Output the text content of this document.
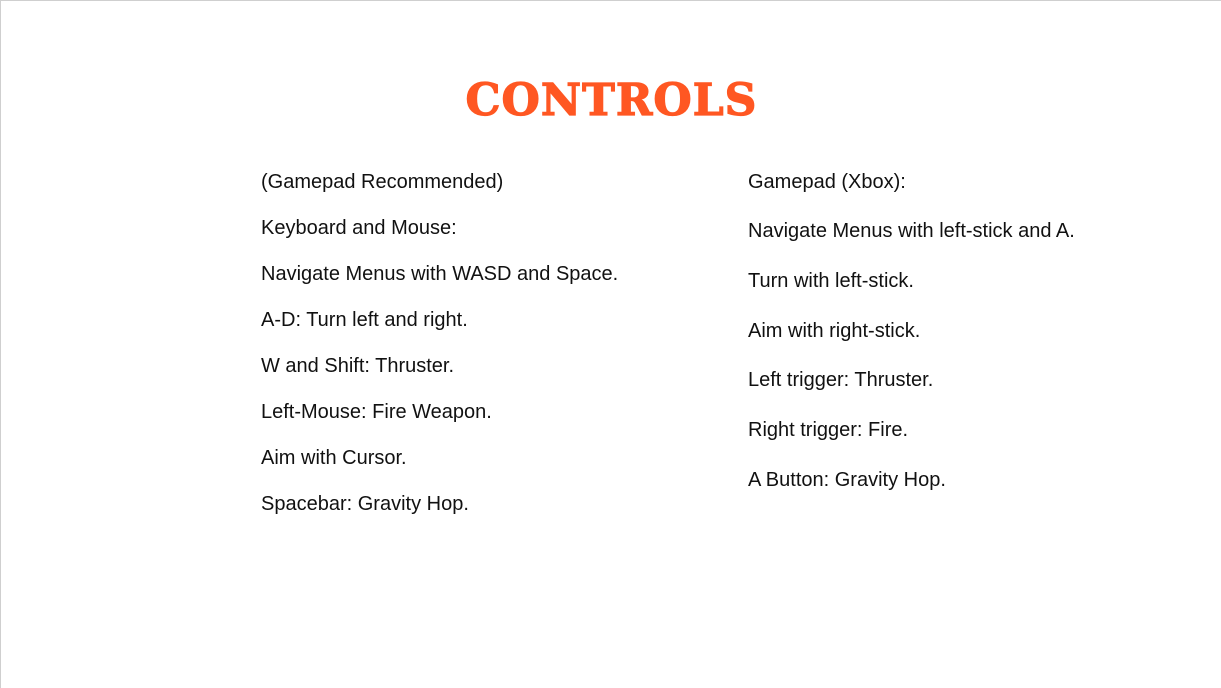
CONTROLS

(Gamepad Recommended)

Keyboard and Mouse:

Navigate Menus with WASD and Space.

A-D: Turn left and right.

W and Shift: Thruster.

Left-Mouse: Fire Weapon.

Aim with Cursor.

Spacebar: Gravity Hop.

Gamepad (Xbox):

Navigate Menus with left-stick and A.

Turn with left-stick.

Aim with right-stick.

Left trigger: Thruster.

Right trigger: Fire.

A Button: Gravity Hop.
